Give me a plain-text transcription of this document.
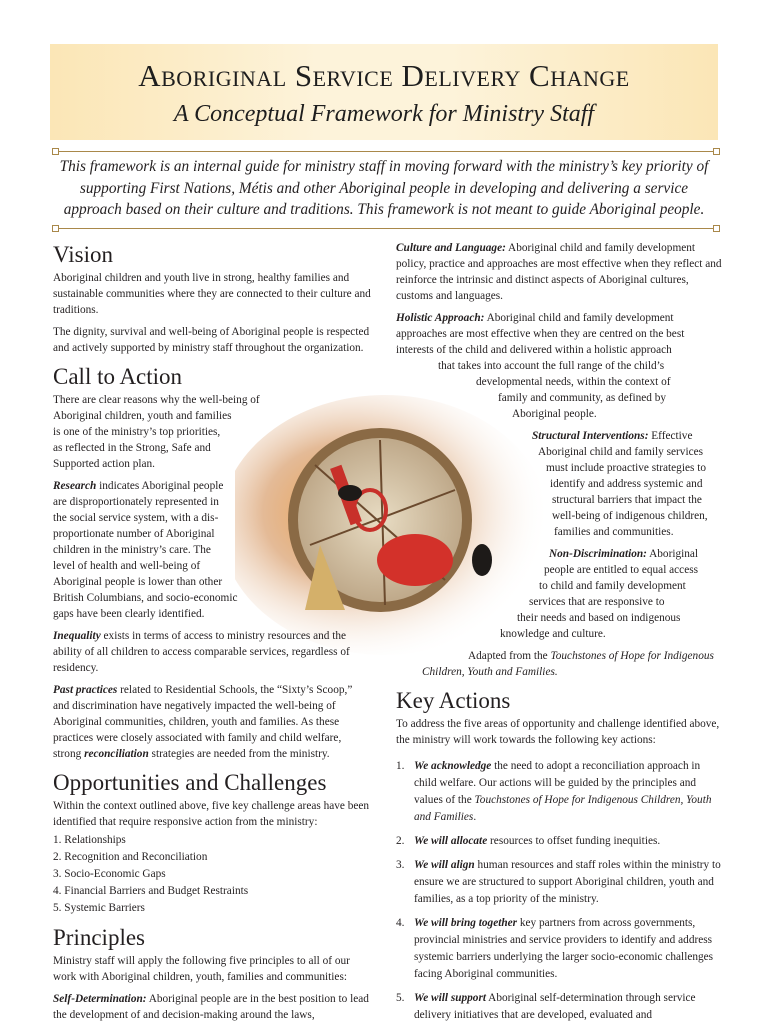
Aboriginal Service Delivery Change
A Conceptual Framework for Ministry Staff
This framework is an internal guide for ministry staff in moving forward with the ministry’s key priority of supporting First Nations, Métis and other Aboriginal people in developing and delivering a service approach based on their culture and traditions. This framework is not meant to guide Aboriginal people.
Vision

Aboriginal children and youth live in strong, healthy families and sustainable communities where they are connected to their culture and traditions.

The dignity, survival and well-being of Aboriginal people is respected and actively supported by ministry staff throughout the organization.

Call to Action

There are clear reasons why the well-being of
Aboriginal children, youth and families
is one of the ministry’s top priorities,
as reflected in the Strong, Safe and
Supported action plan.

Research indicates Aboriginal people
are disproportionately represented in
the social service system, with a dis-
proportionate number of Aboriginal
children in the ministry’s care. The
level of health and well-being of
Aboriginal people is lower than other
British Columbians, and socio-economic
gaps have been clearly identified.

Inequality exists in terms of access to ministry resources and the ability of all children to access comparable services, regardless of residency.

Past practices related to Residential Schools, the “Sixty’s Scoop,” and discrimination have negatively impacted the well-being of Aboriginal communities, children, youth and families. As these practices were closely associated with family and child welfare, strong reconciliation strategies are needed from the ministry.

Opportunities and Challenges

Within the context outlined above, five key challenge areas have been identified that require responsive action from the ministry:

1. Relationships
2. Recognition and Reconciliation
3. Socio-Economic Gaps
4. Financial Barriers and Budget Restraints
5. Systemic Barriers
Principles

Ministry staff will apply the following five principles to all of our work with Aboriginal children, youth, families and communities:

Self-Determination: Aboriginal people are in the best position to lead the development of and decision-making around the laws,

Culture and Language: Aboriginal child and family development policy, practice and approaches are most effective when they reflect and reinforce the intrinsic and distinct aspects of Aboriginal cultures, customs and languages.

Holistic Approach: Aboriginal child and family development
approaches are most effective when they are centred on the best
interests of the child and delivered within a holistic approach
that takes into account the full range of the child’s
developmental needs, within the context of
family and community, as defined by
Aboriginal people.

Structural Interventions: Effective
Aboriginal child and family services
must include proactive strategies to
identify and address systemic and
structural barriers that impact the
well-being of indigenous children,
families and communities.

Non-Discrimination: Aboriginal
people are entitled to equal access
to child and family development
services that are responsive to
their needs and based on indigenous
knowledge and culture.

Adapted from the Touchstones of Hope for Indigenous
Children, Youth and Families.

Key Actions

To address the five areas of opportunity and challenge identified above, the ministry will work towards the following key actions:

1. We acknowledge the need to adopt a reconciliation approach in child welfare. Our actions will be guided by the principles and values of the Touchstones of Hope for Indigenous Children, Youth and Families.
2. We will allocate resources to offset funding inequities.
3. We will align human resources and staff roles within the ministry to ensure we are structured to support Aboriginal children, youth and families, as a top priority of the ministry.
4. We will bring together key partners from across governments, provincial ministries and service providers to identify and address systemic barriers underlying the larger socio-economic challenges facing Aboriginal communities.
5. We will support Aboriginal self-determination through service delivery initiatives that are developed, evaluated and
